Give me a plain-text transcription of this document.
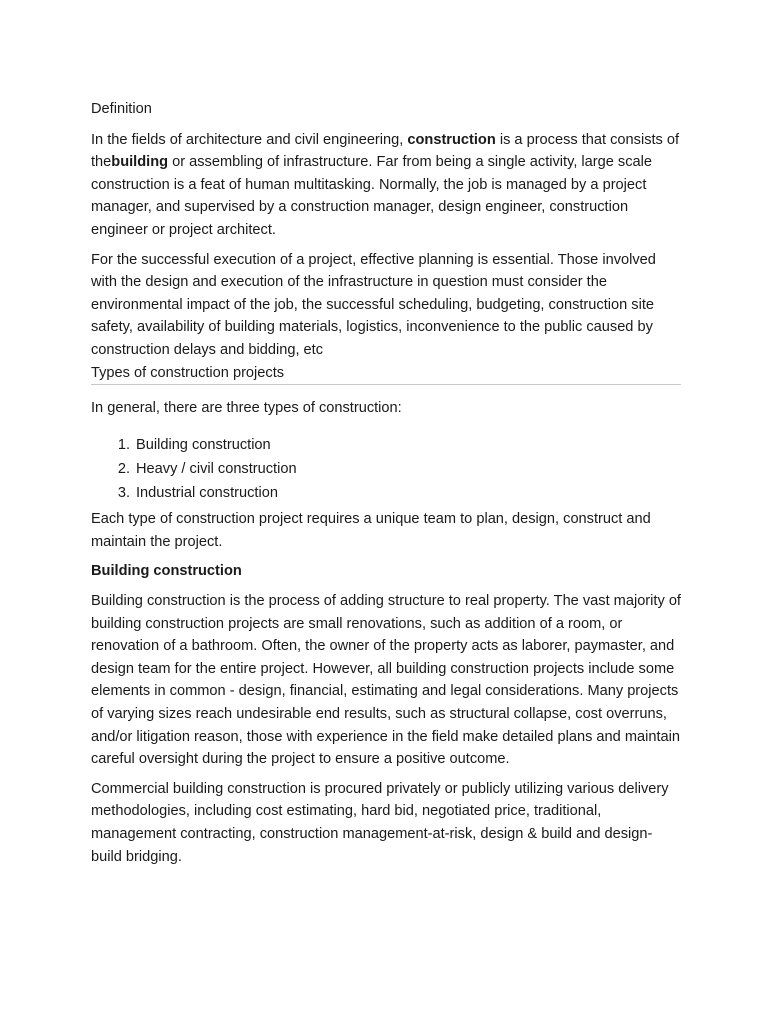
Definition

In the fields of architecture and civil engineering, construction is a process that consists of thebuilding or assembling of infrastructure. Far from being a single activity, large scale construction is a feat of human multitasking. Normally, the job is managed by a project manager, and supervised by a construction manager, design engineer, construction engineer or project architect.

For the successful execution of a project, effective planning is essential. Those involved with the design and execution of the infrastructure in question must consider the environmental impact of the job, the successful scheduling, budgeting, construction site safety, availability of building materials, logistics, inconvenience to the public caused by construction delays and bidding, etc

Types of construction projects

In general, there are three types of construction:

1. Building construction
2. Heavy / civil construction
3. Industrial construction

Each type of construction project requires a unique team to plan, design, construct and maintain the project.

Building construction

Building construction is the process of adding structure to real property. The vast majority of building construction projects are small renovations, such as addition of a room, or renovation of a bathroom. Often, the owner of the property acts as laborer, paymaster, and design team for the entire project. However, all building construction projects include some elements in common - design, financial, estimating and legal considerations. Many projects of varying sizes reach undesirable end results, such as structural collapse, cost overruns, and/or litigation reason, those with experience in the field make detailed plans and maintain careful oversight during the project to ensure a positive outcome.

Commercial building construction is procured privately or publicly utilizing various delivery methodologies, including cost estimating, hard bid, negotiated price, traditional, management contracting, construction management-at-risk, design & build and design-build bridging.
